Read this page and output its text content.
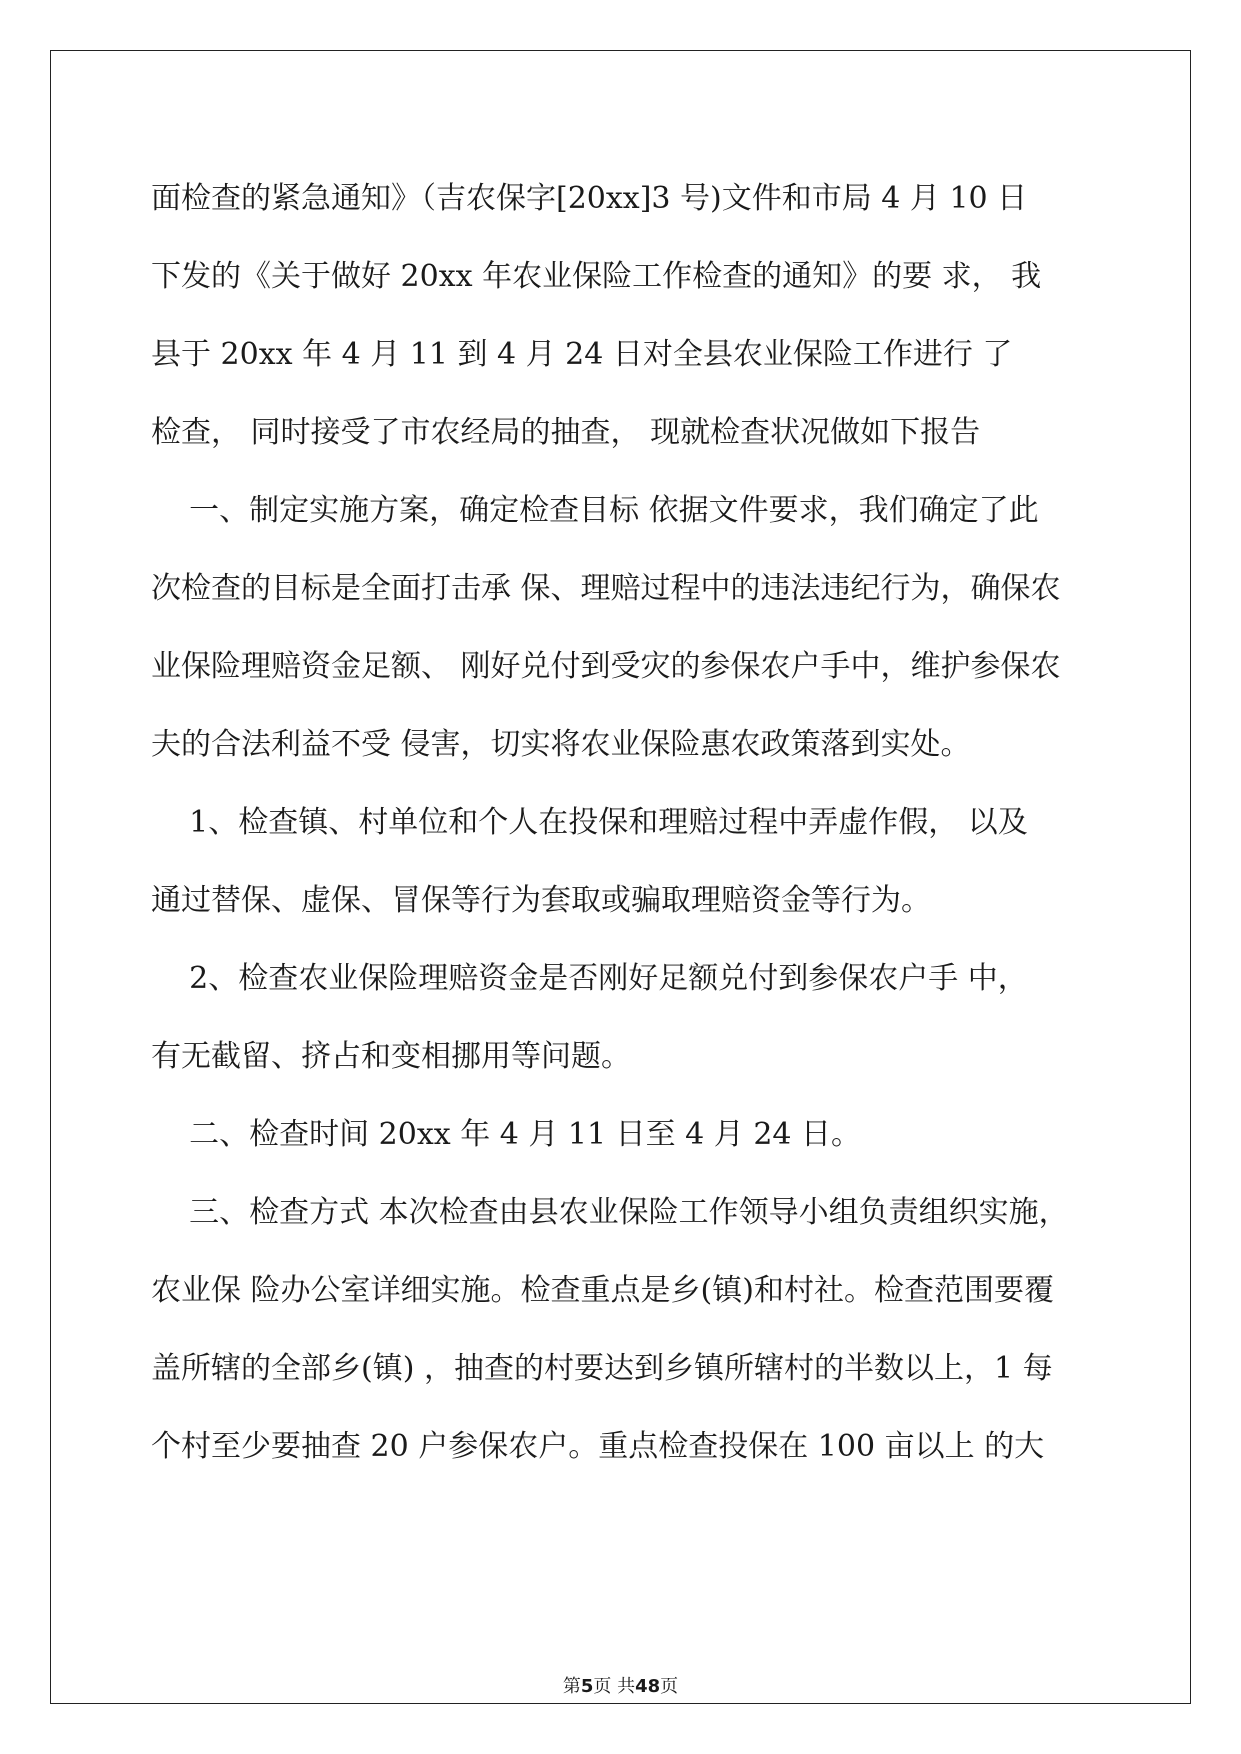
面检查的紧急通知》（吉农保字[20xx]3 号)文件和市局 4 月 10 日
下发的《关于做好 20xx 年农业保险工作检查的通知》的要 求， 我
县于 20xx 年 4 月 11 到 4 月 24 日对全县农业保险工作进行 了
检查， 同时接受了市农经局的抽查， 现就检查状况做如下报告
一、制定实施方案，确定检查目标 依据文件要求，我们确定了此
次检查的目标是全面打击承 保、理赔过程中的违法违纪行为，确保农
业保险理赔资金足额、 刚好兑付到受灾的参保农户手中，维护参保农
夫的合法利益不受 侵害，切实将农业保险惠农政策落到实处。
1、检查镇、村单位和个人在投保和理赔过程中弄虚作假， 以及
通过替保、虚保、冒保等行为套取或骗取理赔资金等行为。
2、检查农业保险理赔资金是否刚好足额兑付到参保农户手 中，
有无截留、挤占和变相挪用等问题。
二、检查时间 20xx 年 4 月 11 日至 4 月 24 日。
三、检查方式 本次检查由县农业保险工作领导小组负责组织实施，
农业保 险办公室详细实施。检查重点是乡(镇)和村社。检查范围要覆
盖所辖的全部乡(镇) ，抽查的村要达到乡镇所辖村的半数以上，1 每
个村至少要抽查 20 户参保农户。重点检查投保在 100 亩以上 的大
第5页 共48页
